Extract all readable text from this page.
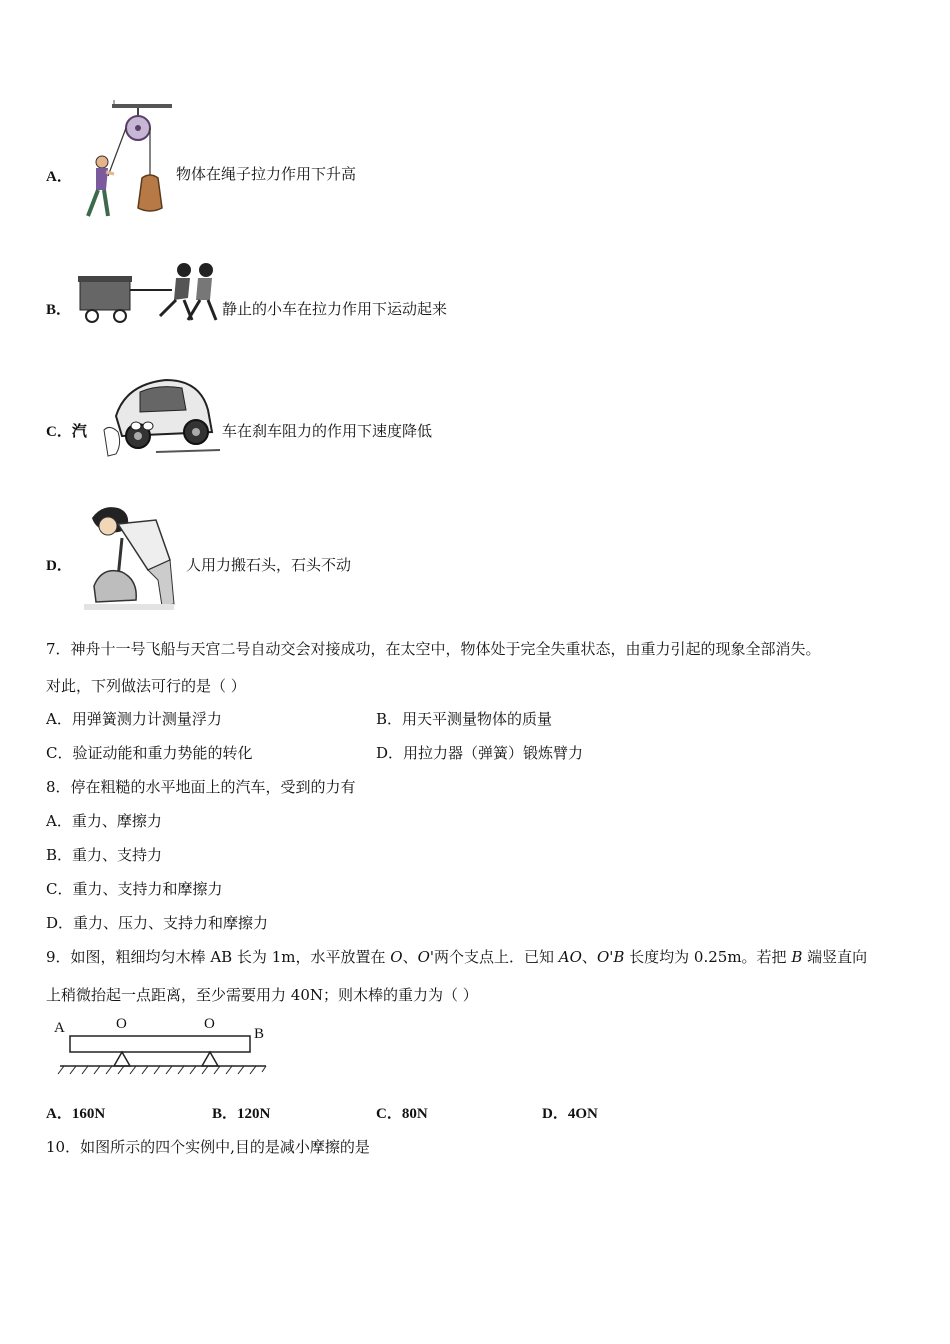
A．	物体在绳子拉力作用下升高
B．	静止的小车在拉力作用下运动起来
C．汽	车在刹车阻力的作用下速度降低
D．	人用力搬石头，石头不动
7．神舟十一号飞船与天宫二号自动交会对接成功，在太空中，物体处于完全失重状态，由重力引起的现象全部消失。
对此，下列做法可行的是（ ）
A．用弹簧测力计测量浮力	B．用天平测量物体的质量
C．验证动能和重力势能的转化	D．用拉力器（弹簧）锻炼臂力
8．停在粗糙的水平地面上的汽车，受到的力有
A．重力、摩擦力
B．重力、支持力
C．重力、支持力和摩擦力
D．重力、压力、支持力和摩擦力
9．如图，粗细均匀木棒 AB 长为 1m，水平放置在 O、O'两个支点上．已知 AO、O'B 长度均为 0.25m。若把 B 端竖直向
上稍微抬起一点距离，至少需要用力 40N；则木棒的重力为（ ）
A	O	O
B
A．160N	B．120N	C．80N	D．4ON
10．如图所示的四个实例中,目的是减小摩擦的是
